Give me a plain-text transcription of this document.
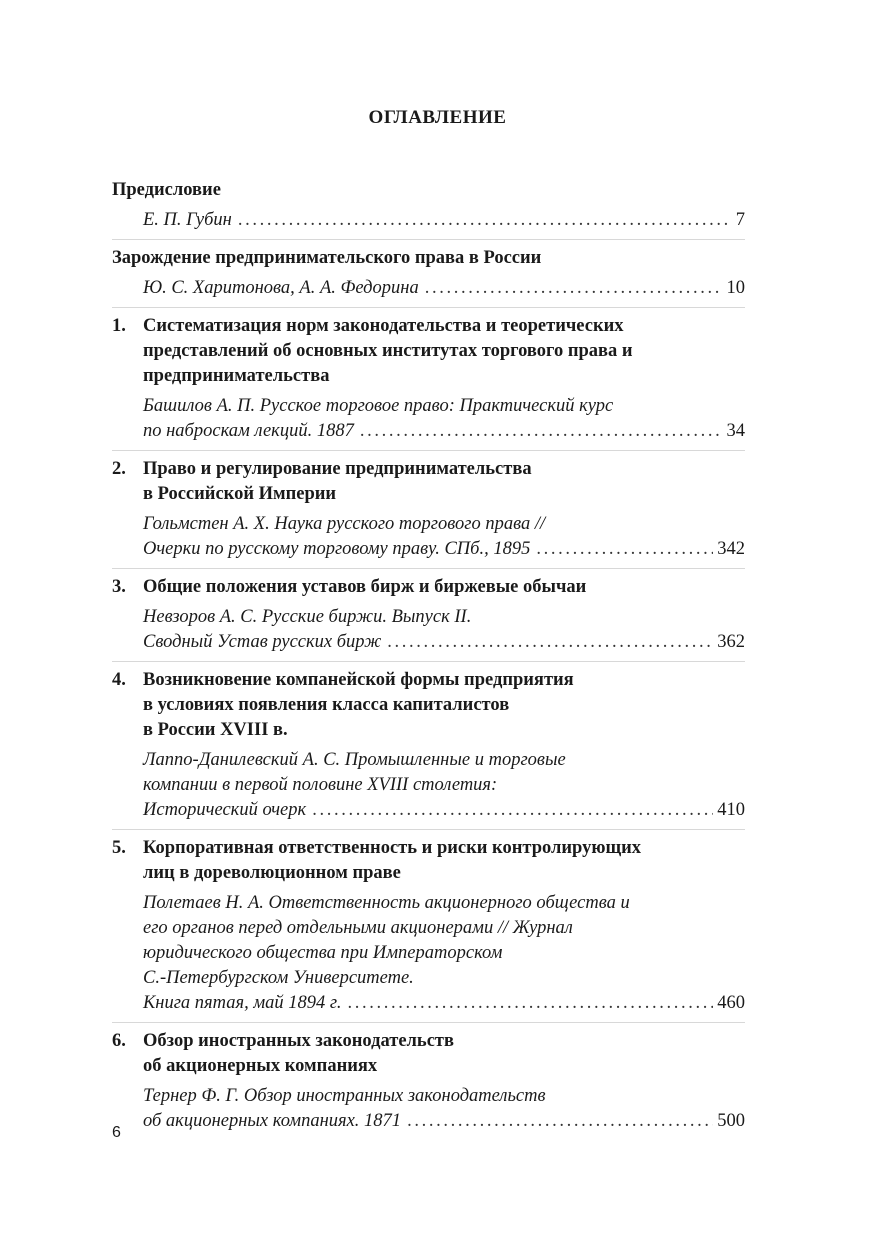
ОГЛАВЛЕНИЕ
Предисловие
Е. П. Губин . . .	7
Зарождение предпринимательского права в России
Ю. С. Харитонова, А. А. Федорина . . .	10
1. Систематизация норм законодательства и теоретических
представлений об основных институтах торгового права и
предпринимательства
Башилов А. П. Русское торговое право: Практический курс
по наброскам лекций. 1887 . . .	34
2. Право и регулирование предпринимательства
в Российской Империи
Гольмстен А. Х. Наука русского торгового права //
Очерки по русскому торговому праву. СПб., 1895 . . .	342
3. Общие положения уставов бирж и биржевые обычаи
Невзоров А. С. Русские биржи. Выпуск II.
Сводный Устав русских бирж . . .	362
4. Возникновение компанейской формы предприятия
в условиях появления класса капиталистов
в России XVIII в.
Лаппо-Данилевский А. С. Промышленные и торговые
компании в первой половине XVIII столетия:
Исторический очерк . . .	410
5. Корпоративная ответственность и риски контролирующих
лиц в дореволюционном праве
Полетаев Н. А. Ответственность акционерного общества и
его органов перед отдельными акционерами // Журнал
юридического общества при Императорском
С.-Петербургском Университете.
Книга пятая, май 1894 г. . . .	460
6. Обзор иностранных законодательств
об акционерных компаниях
Тернер Ф. Г. Обзор иностранных законодательств
об акционерных компаниях. 1871 . . .	500
6
